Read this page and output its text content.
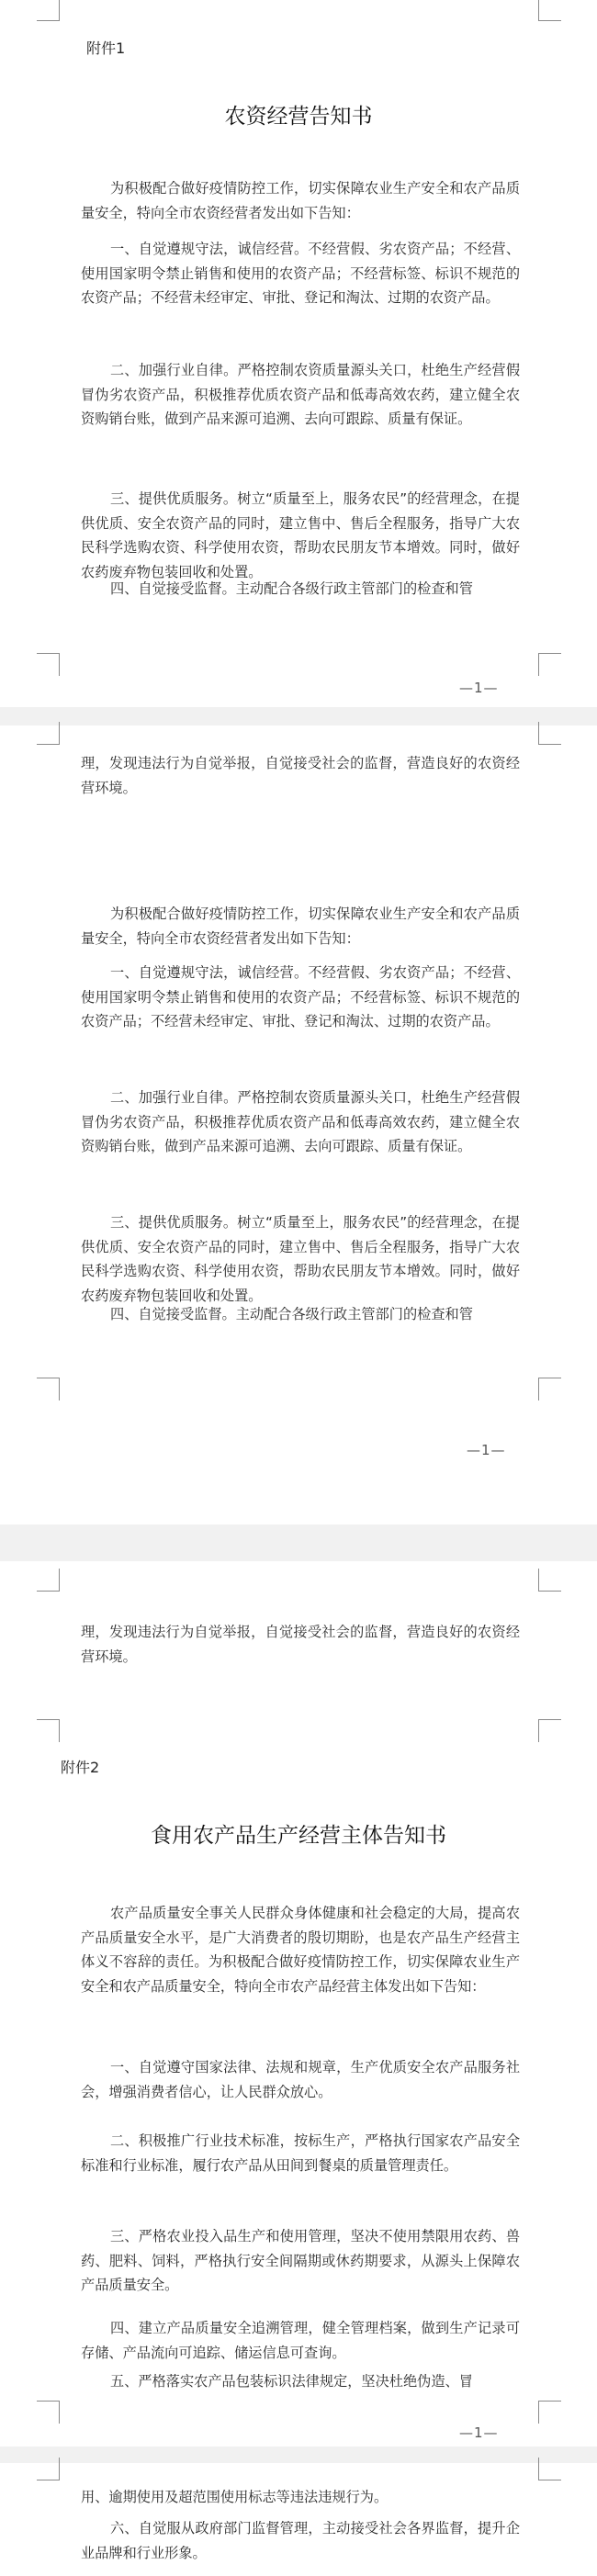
附件1
农资经营告知书

为积极配合做好疫情防控工作，切实保障农业生产安全和农产品质量安全，特向全市农资经营者发出如下告知：

一、自觉遵规守法，诚信经营。不经营假、劣农资产品；不经营、使用国家明令禁止销售和使用的农资产品；不经营标签、标识不规范的农资产品；不经营未经审定、审批、登记和淘汰、过期的农资产品。

二、加强行业自律。严格控制农资质量源头关口，杜绝生产经营假冒伪劣农资产品，积极推荐优质农资产品和低毒高效农药，建立健全农资购销台账，做到产品来源可追溯、去向可跟踪、质量有保证。

三、提供优质服务。树立“质量至上，服务农民”的经营理念，在提供优质、安全农资产品的同时，建立售中、售后全程服务，指导广大农民科学选购农资、科学使用农资，帮助农民朋友节本增效。同时，做好农药废弃物包装回收和处置。

四、自觉接受监督。主动配合各级行政主管部门的检查和管

—1—

理，发现违法行为自觉举报，自觉接受社会的监督，营造良好的农资经营环境。

为积极配合做好疫情防控工作，切实保障农业生产安全和农产品质量安全，特向全市农资经营者发出如下告知：

一、自觉遵规守法，诚信经营。不经营假、劣农资产品；不经营、使用国家明令禁止销售和使用的农资产品；不经营标签、标识不规范的农资产品；不经营未经审定、审批、登记和淘汰、过期的农资产品。

二、加强行业自律。严格控制农资质量源头关口，杜绝生产经营假冒伪劣农资产品，积极推荐优质农资产品和低毒高效农药，建立健全农资购销台账，做到产品来源可追溯、去向可跟踪、质量有保证。

三、提供优质服务。树立“质量至上，服务农民”的经营理念，在提供优质、安全农资产品的同时，建立售中、售后全程服务，指导广大农民科学选购农资、科学使用农资，帮助农民朋友节本增效。同时，做好农药废弃物包装回收和处置。

四、自觉接受监督。主动配合各级行政主管部门的检查和管

—1—

理，发现违法行为自觉举报，自觉接受社会的监督，营造良好的农资经营环境。

附件2
食用农产品生产经营主体告知书

农产品质量安全事关人民群众身体健康和社会稳定的大局，提高农产品质量安全水平，是广大消费者的殷切期盼，也是农产品生产经营主体义不容辞的责任。为积极配合做好疫情防控工作，切实保障农业生产安全和农产品质量安全，特向全市农产品经营主体发出如下告知：

一、自觉遵守国家法律、法规和规章，生产优质安全农产品服务社会，增强消费者信心，让人民群众放心。

二、积极推广行业技术标准，按标生产，严格执行国家农产品安全标准和行业标准，履行农产品从田间到餐桌的质量管理责任。

三、严格农业投入品生产和使用管理，坚决不使用禁限用农药、兽药、肥料、饲料，严格执行安全间隔期或休药期要求，从源头上保障农产品质量安全。

四、建立产品质量安全追溯管理，健全管理档案，做到生产记录可存储、产品流向可追踪、储运信息可查询。

五、严格落实农产品包装标识法律规定，坚决杜绝伪造、冒

—1—

用、逾期使用及超范围使用标志等违法违规行为。

六、自觉服从政府部门监督管理，主动接受社会各界监督，提升企业品牌和行业形象。
